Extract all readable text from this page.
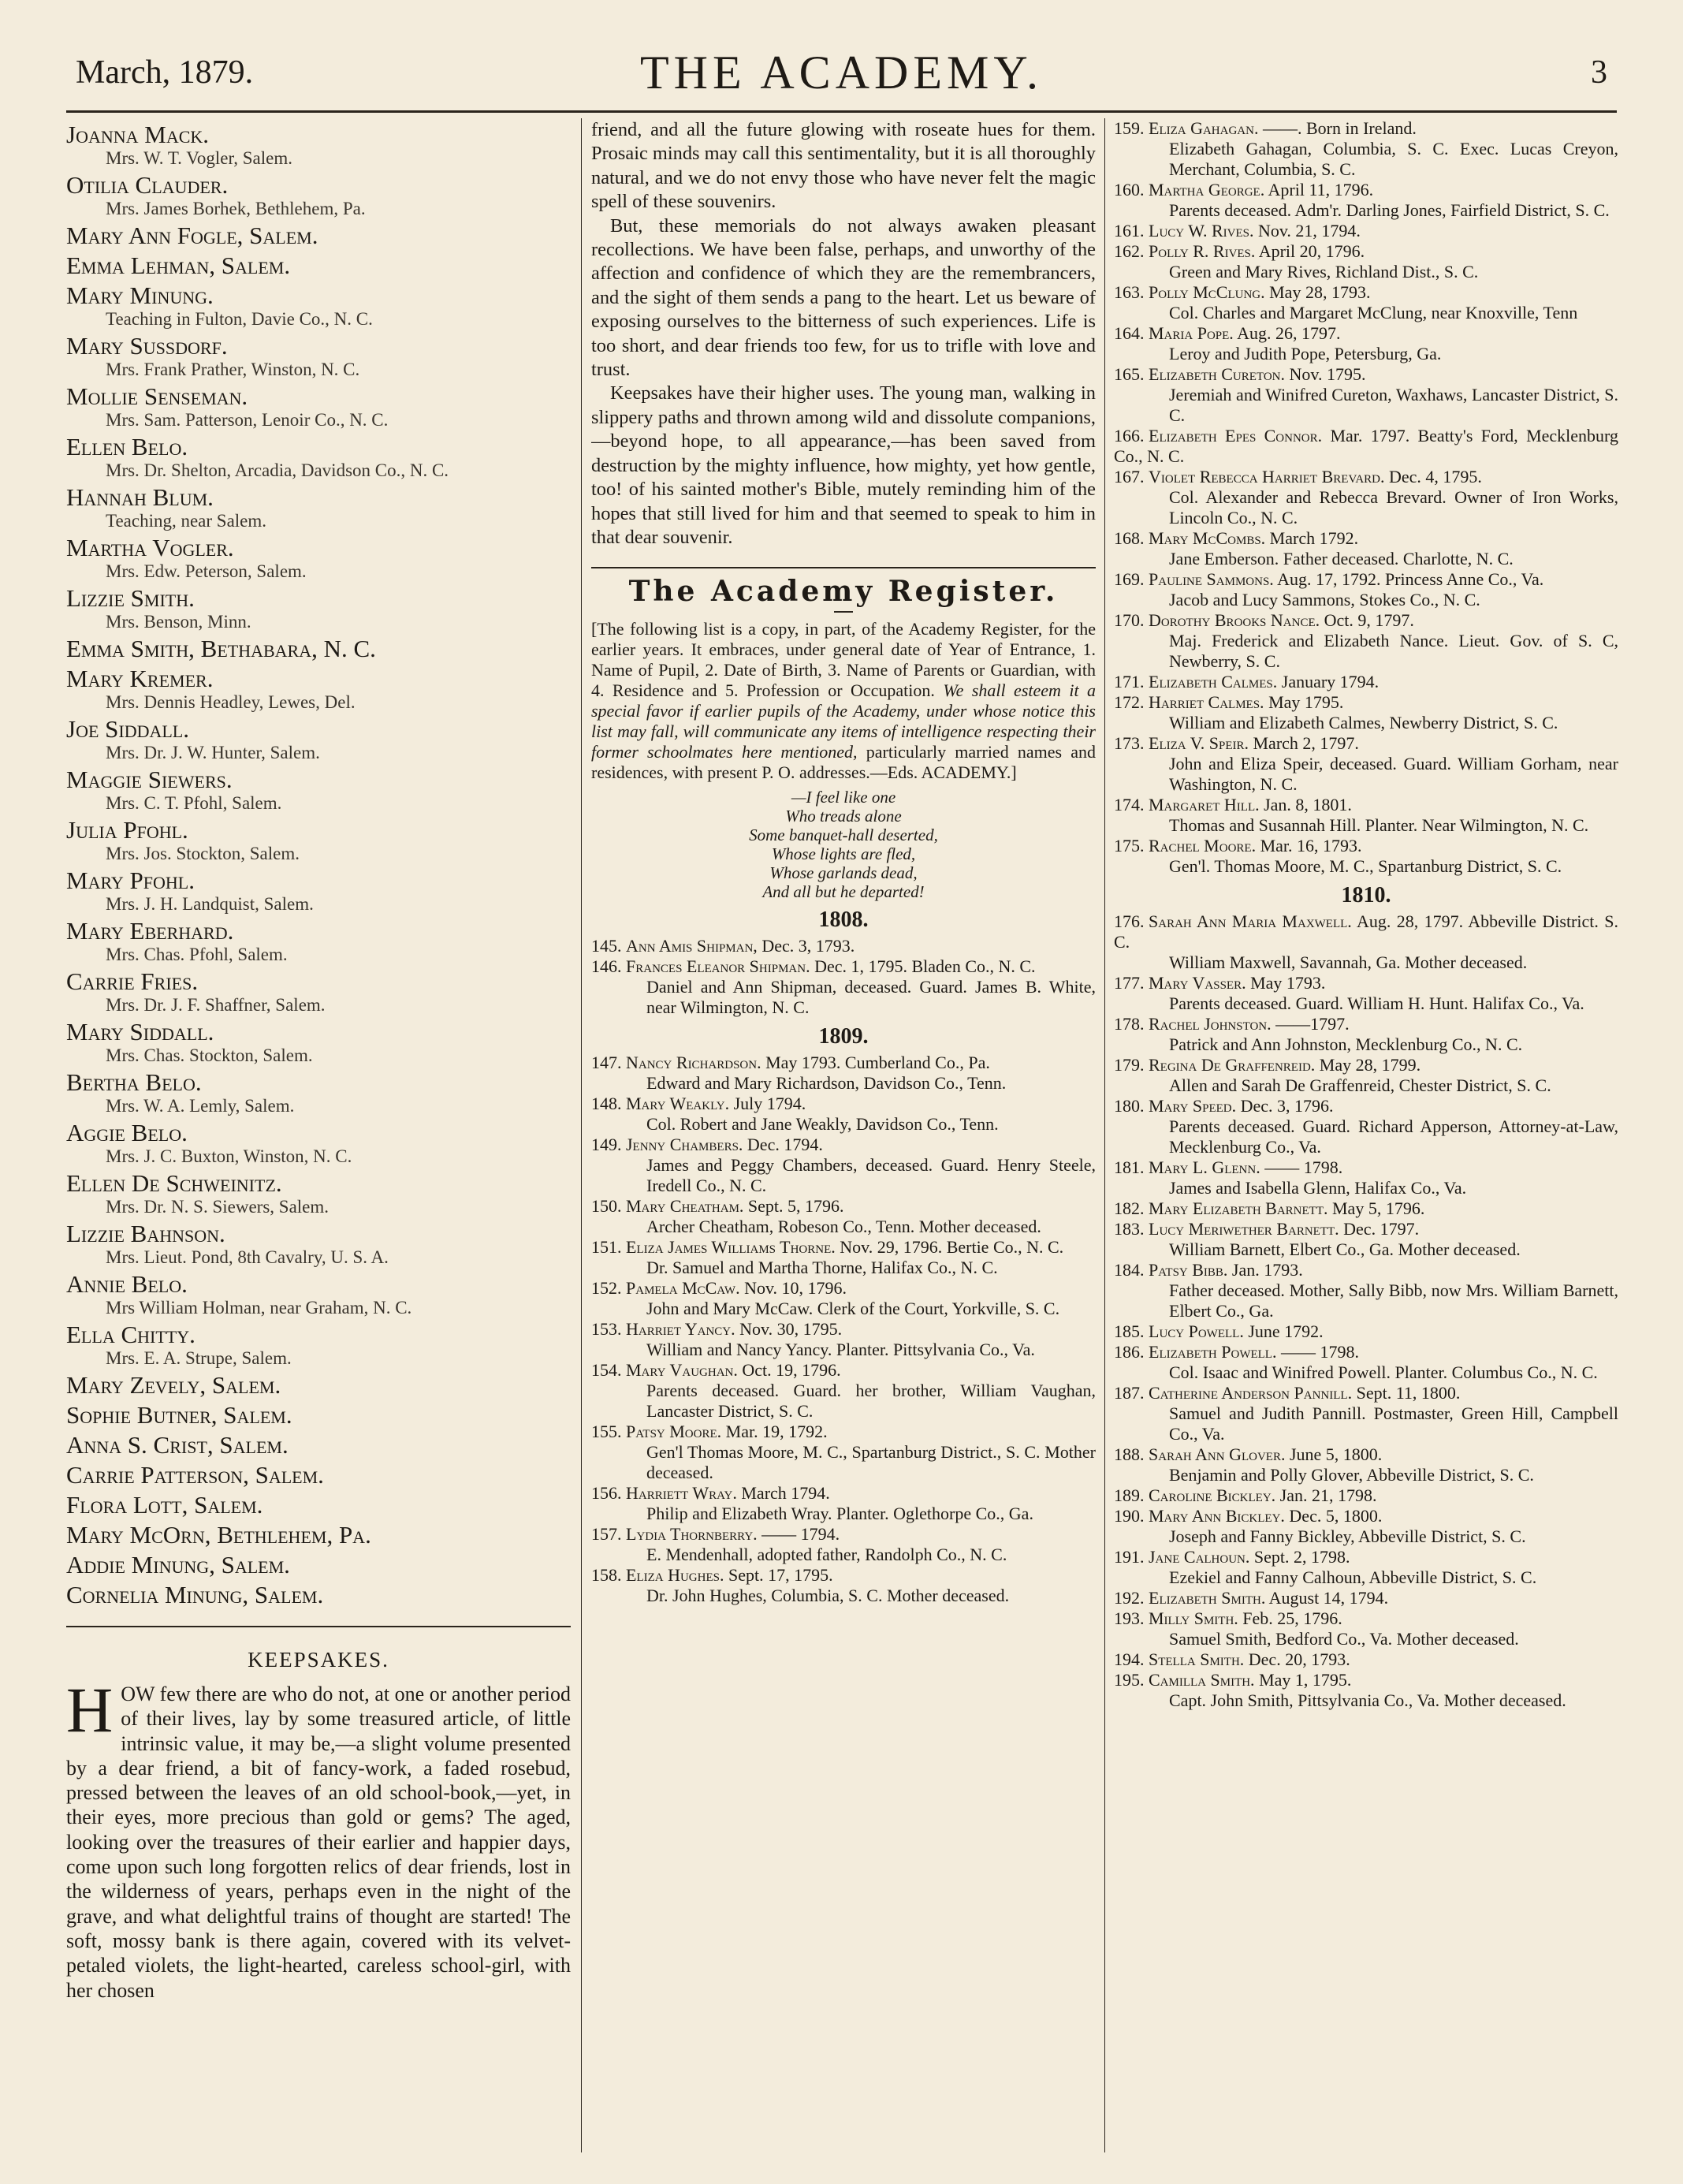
March, 1879.	THE ACADEMY.	3
Joanna Mack.
Mrs. W. T. Vogler, Salem.
Otilia Clauder.
Mrs. James Borhek, Bethlehem, Pa.
Mary Ann Fogle, Salem.
Emma Lehman, Salem.
Mary Minung.
Teaching in Fulton, Davie Co., N. C.
Mary Sussdorf.
Mrs. Frank Prather, Winston, N. C.
Mollie Senseman.
Mrs. Sam. Patterson, Lenoir Co., N. C.
Ellen Belo.
Mrs. Dr. Shelton, Arcadia, Davidson Co., N. C.
Hannah Blum.
Teaching, near Salem.
Martha Vogler.
Mrs. Edw. Peterson, Salem.
Lizzie Smith.
Mrs. Benson, Minn.
Emma Smith, Bethabara, N. C.
Mary Kremer.
Mrs. Dennis Headley, Lewes, Del.
Joe Siddall.
Mrs. Dr. J. W. Hunter, Salem.
Maggie Siewers.
Mrs. C. T. Pfohl, Salem.
Julia Pfohl.
Mrs. Jos. Stockton, Salem.
Mary Pfohl.
Mrs. J. H. Landquist, Salem.
Mary Eberhard.
Mrs. Chas. Pfohl, Salem.
Carrie Fries.
Mrs. Dr. J. F. Shaffner, Salem.
Mary Siddall.
Mrs. Chas. Stockton, Salem.
Bertha Belo.
Mrs. W. A. Lemly, Salem.
Aggie Belo.
Mrs. J. C. Buxton, Winston, N. C.
Ellen De Schweinitz.
Mrs. Dr. N. S. Siewers, Salem.
Lizzie Bahnson.
Mrs. Lieut. Pond, 8th Cavalry, U. S. A.
Annie Belo.
Mrs William Holman, near Graham, N. C.
Ella Chitty.
Mrs. E. A. Strupe, Salem.
Mary Zevely, Salem.
Sophie Butner, Salem.
Anna S. Crist, Salem.
Carrie Patterson, Salem.
Flora Lott, Salem.
Mary McOrn, Bethlehem, Pa.
Addie Minung, Salem.
Cornelia Minung, Salem.
KEEPSAKES.
HOW few there are who do not, at one or another period of their lives, lay by some treasured article, of little intrinsic value, it may be,—a slight volume presented by a dear friend, a bit of fancy-work, a faded rosebud, pressed between the leaves of an old school-book,—yet, in their eyes, more precious than gold or gems? The aged, looking over the treasures of their earlier and happier days, come upon such long forgotten relics of dear friends, lost in the wilderness of years, perhaps even in the night of the grave, and what delightful trains of thought are started! The soft, mossy bank is there again, covered with its velvet-petaled violets, the light-hearted, careless school-girl, with her chosen
friend, and all the future glowing with roseate hues for them. Prosaic minds may call this sentimentality, but it is all thoroughly natural, and we do not envy those who have never felt the magic spell of these souvenirs.
But, these memorials do not always awaken pleasant recollections. We have been false, perhaps, and unworthy of the affection and confidence of which they are the remembrancers, and the sight of them sends a pang to the heart. Let us beware of exposing ourselves to the bitterness of such experiences. Life is too short, and dear friends too few, for us to trifle with love and trust.
Keepsakes have their higher uses. The young man, walking in slippery paths and thrown among wild and dissolute companions,—beyond hope, to all appearance,—has been saved from destruction by the mighty influence, how mighty, yet how gentle, too! of his sainted mother's Bible, mutely reminding him of the hopes that still lived for him and that seemed to speak to him in that dear souvenir.
The Academy Register.
[The following list is a copy, in part, of the Academy Register, for the earlier years. It embraces, under general date of Year of Entrance, 1. Name of Pupil, 2. Date of Birth, 3. Name of Parents or Guardian, with 4. Residence and 5. Profession or Occupation. We shall esteem it a special favor if earlier pupils of the Academy, under whose notice this list may fall, will communicate any items of intelligence respecting their former schoolmates here mentioned, particularly married names and residences, with present P. O. addresses.—Eds. ACADEMY.]
—I feel like one
Who treads alone
Some banquet-hall deserted,
Whose lights are fled,
Whose garlands dead,
And all but he departed!
1808.
145. Ann Amis Shipman, Dec. 3, 1793.
146. Frances Eleanor Shipman. Dec. 1, 1795. Bladen Co., N. C.
Daniel and Ann Shipman, deceased. Guard. James B. White, near Wilmington, N. C.
1809.
147. Nancy Richardson. May 1793. Cumberland Co., Pa.
Edward and Mary Richardson, Davidson Co., Tenn.
148. Mary Weakly. July 1794.
Col. Robert and Jane Weakly, Davidson Co., Tenn.
149. Jenny Chambers. Dec. 1794.
James and Peggy Chambers, deceased. Guard. Henry Steele, Iredell Co., N. C.
150. Mary Cheatham. Sept. 5, 1796.
Archer Cheatham, Robeson Co., Tenn. Mother deceased.
151. Eliza James Williams Thorne. Nov. 29, 1796. Bertie Co., N. C.
Dr. Samuel and Martha Thorne, Halifax Co., N. C.
152. Pamela McCaw. Nov. 10, 1796.
John and Mary McCaw. Clerk of the Court, Yorkville, S. C.
153. Harriet Yancy. Nov. 30, 1795.
William and Nancy Yancy. Planter. Pittsylvania Co., Va.
154. Mary Vaughan. Oct. 19, 1796.
Parents deceased. Guard. her brother, William Vaughan, Lancaster District, S. C.
155. Patsy Moore. Mar. 19, 1792.
Gen'l Thomas Moore, M. C., Spartanburg District., S. C. Mother deceased.
156. Harriett Wray. March 1794.
Philip and Elizabeth Wray. Planter. Oglethorpe Co., Ga.
157. Lydia Thornberry. —— 1794.
E. Mendenhall, adopted father, Randolph Co., N. C.
158. Eliza Hughes. Sept. 17, 1795.
Dr. John Hughes, Columbia, S. C. Mother deceased.
159. Eliza Gahagan. ——. Born in Ireland.
Elizabeth Gahagan, Columbia, S. C. Exec. Lucas Creyon, Merchant, Columbia, S. C.
160. Martha George. April 11, 1796.
Parents deceased. Adm'r. Darling Jones, Fairfield District, S. C.
161. Lucy W. Rives. Nov. 21, 1794.
162. Polly R. Rives. April 20, 1796.
Green and Mary Rives, Richland Dist., S. C.
163. Polly McClung. May 28, 1793.
Col. Charles and Margaret McClung, near Knoxville, Tenn
164. Maria Pope. Aug. 26, 1797.
Leroy and Judith Pope, Petersburg, Ga.
165. Elizabeth Cureton. Nov. 1795.
Jeremiah and Winifred Cureton, Waxhaws, Lancaster District, S. C.
166. Elizabeth Epes Connor. Mar. 1797. Beatty's Ford, Mecklenburg Co., N. C.
167. Violet Rebecca Harriet Brevard. Dec. 4, 1795.
Col. Alexander and Rebecca Brevard. Owner of Iron Works, Lincoln Co., N. C.
168. Mary McCombs. March 1792.
Jane Emberson. Father deceased. Charlotte, N. C.
169. Pauline Sammons. Aug. 17, 1792. Princess Anne Co., Va.
Jacob and Lucy Sammons, Stokes Co., N. C.
170. Dorothy Brooks Nance. Oct. 9, 1797.
Maj. Frederick and Elizabeth Nance. Lieut. Gov. of S. C, Newberry, S. C.
171. Elizabeth Calmes. January 1794.
172. Harriet Calmes. May 1795.
William and Elizabeth Calmes, Newberry District, S. C.
173. Eliza V. Speir. March 2, 1797.
John and Eliza Speir, deceased. Guard. William Gorham, near Washington, N. C.
174. Margaret Hill. Jan. 8, 1801.
Thomas and Susannah Hill. Planter. Near Wilmington, N. C.
175. Rachel Moore. Mar. 16, 1793.
Gen'l. Thomas Moore, M. C., Spartanburg District, S. C.
1810.
176. Sarah Ann Maria Maxwell. Aug. 28, 1797. Abbeville District. S. C.
William Maxwell, Savannah, Ga. Mother deceased.
177. Mary Vasser. May 1793.
Parents deceased. Guard. William H. Hunt. Halifax Co., Va.
178. Rachel Johnston. ——1797.
Patrick and Ann Johnston, Mecklenburg Co., N. C.
179. Regina De Graffenreid. May 28, 1799.
Allen and Sarah De Graffenreid, Chester District, S. C.
180. Mary Speed. Dec. 3, 1796.
Parents deceased. Guard. Richard Apperson, Attorney-at-Law, Mecklenburg Co., Va.
181. Mary L. Glenn. —— 1798.
James and Isabella Glenn, Halifax Co., Va.
182. Mary Elizabeth Barnett. May 5, 1796.
183. Lucy Meriwether Barnett. Dec. 1797.
William Barnett, Elbert Co., Ga. Mother deceased.
184. Patsy Bibb. Jan. 1793.
Father deceased. Mother, Sally Bibb, now Mrs. William Barnett, Elbert Co., Ga.
185. Lucy Powell. June 1792.
186. Elizabeth Powell. —— 1798.
Col. Isaac and Winifred Powell. Planter. Columbus Co., N. C.
187. Catherine Anderson Pannill. Sept. 11, 1800.
Samuel and Judith Pannill. Postmaster, Green Hill, Campbell Co., Va.
188. Sarah Ann Glover. June 5, 1800.
Benjamin and Polly Glover, Abbeville District, S. C.
189. Caroline Bickley. Jan. 21, 1798.
190. Mary Ann Bickley. Dec. 5, 1800.
Joseph and Fanny Bickley, Abbeville District, S. C.
191. Jane Calhoun. Sept. 2, 1798.
Ezekiel and Fanny Calhoun, Abbeville District, S. C.
192. Elizabeth Smith. August 14, 1794.
193. Milly Smith. Feb. 25, 1796.
Samuel Smith, Bedford Co., Va. Mother deceased.
194. Stella Smith. Dec. 20, 1793.
195. Camilla Smith. May 1, 1795.
Capt. John Smith, Pittsylvania Co., Va. Mother deceased.
